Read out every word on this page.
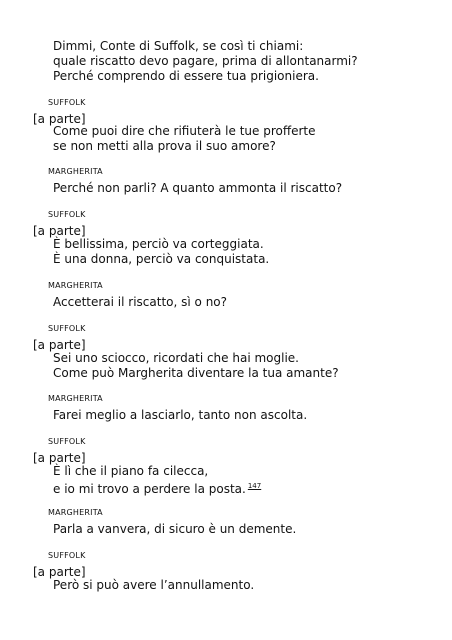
Dimmi, Conte di Suffolk, se così ti chiami:
quale riscatto devo pagare, prima di allontanarmi?
Perché comprendo di essere tua prigioniera.
SUFFOLK
[a parte]
Come puoi dire che rifiuterà le tue profferte
se non metti alla prova il suo amore?
MARGHERITA
Perché non parli? A quanto ammonta il riscatto?
SUFFOLK
[a parte]
È bellissima, perciò va corteggiata.
È una donna, perciò va conquistata.
MARGHERITA
Accetterai il riscatto, sì o no?
SUFFOLK
[a parte]
Sei uno sciocco, ricordati che hai moglie.
Come può Margherita diventare la tua amante?
MARGHERITA
Farei meglio a lasciarlo, tanto non ascolta.
SUFFOLK
[a parte]
È lì che il piano fa cilecca,
e io mi trovo a perdere la posta. $^{147}$
MARGHERITA
Parla a vanvera, di sicuro è un demente.
SUFFOLK
[a parte]
Però si può avere l’annullamento.
